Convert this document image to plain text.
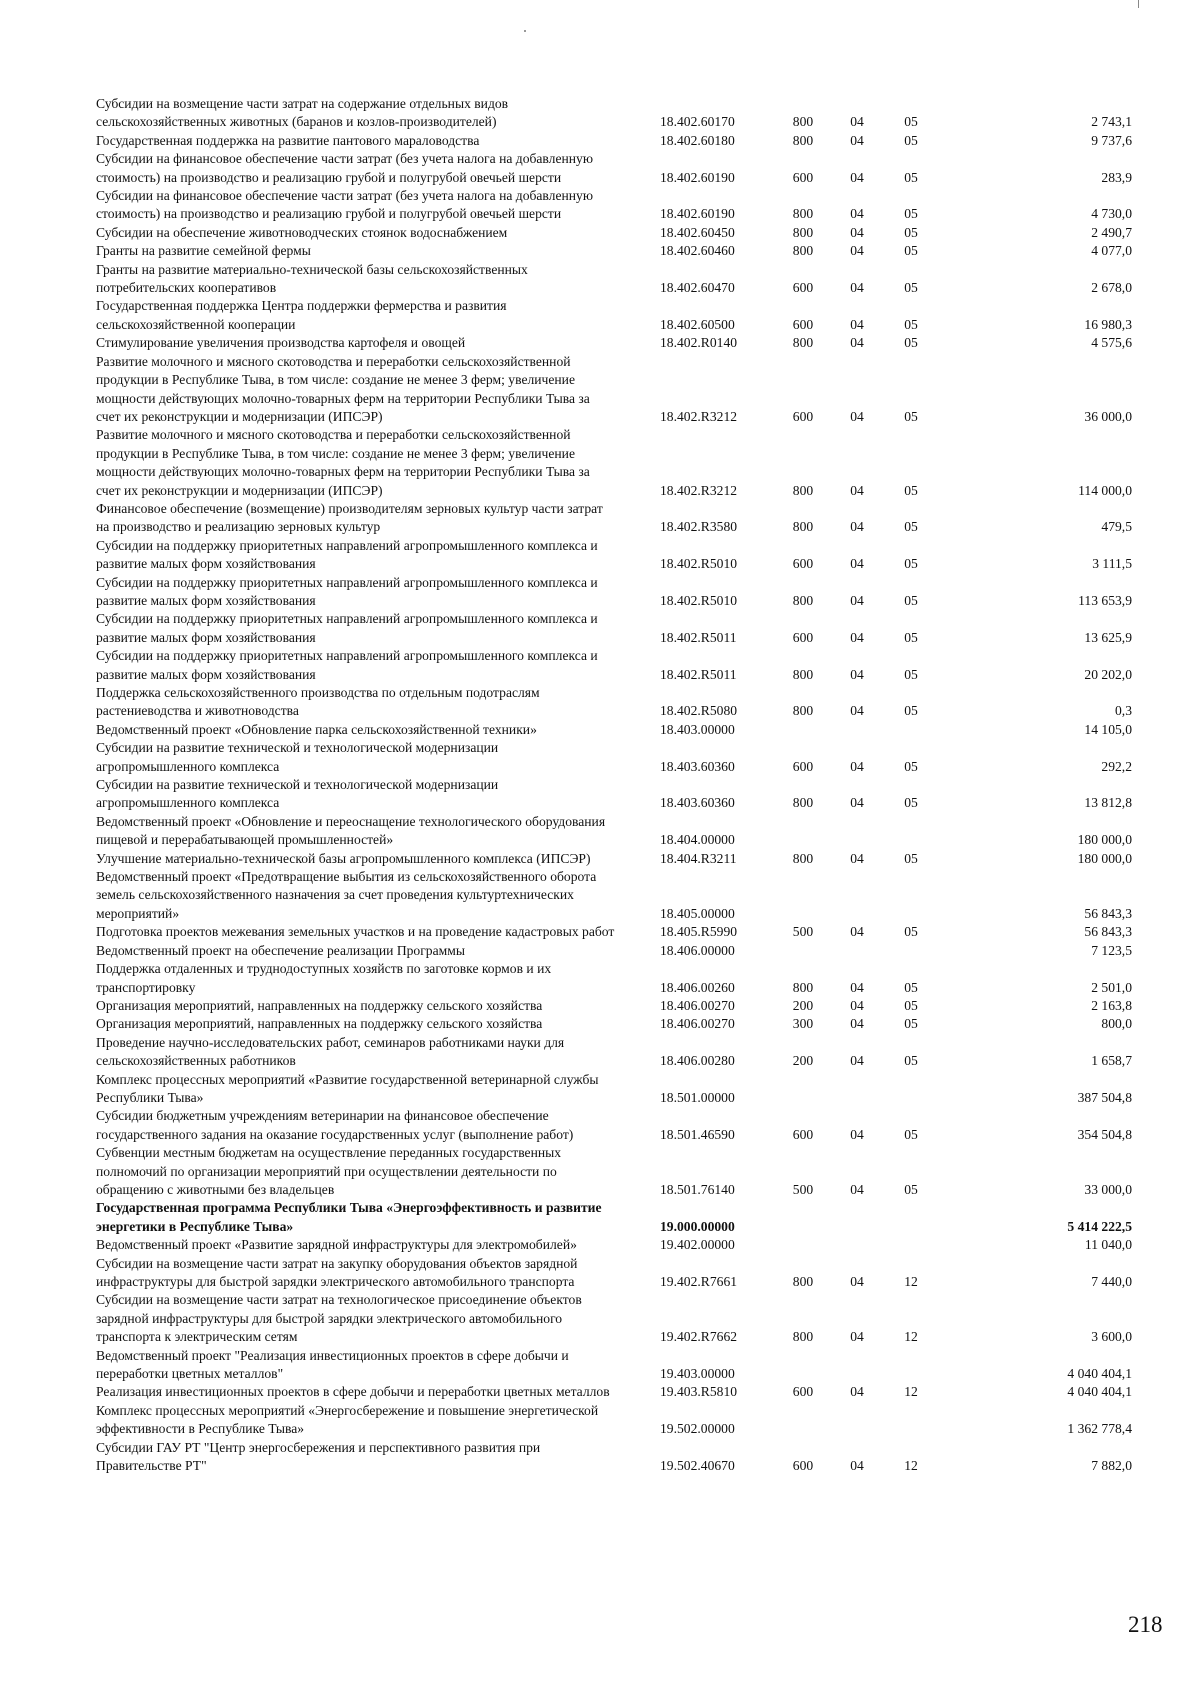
Субсидии на возмещение части затрат на содержание отдельных видов сельскохозяйственных животных (баранов и козлов-производителей)	18.402.60170	800	04	05	2 743,1
Государственная поддержка на развитие пантового мараловодства	18.402.60180	800	04	05	9 737,6
Субсидии на финансовое обеспечение части затрат (без учета налога на добавленную стоимость) на производство и реализацию грубой и полугрубой овечьей шерсти	18.402.60190	600	04	05	283,9
Субсидии на финансовое обеспечение части затрат (без учета налога на добавленную стоимость) на производство и реализацию грубой и полугрубой овечьей шерсти	18.402.60190	800	04	05	4 730,0
Субсидии на обеспечение животноводческих стоянок водоснабжением	18.402.60450	800	04	05	2 490,7
Гранты на развитие семейной фермы	18.402.60460	800	04	05	4 077,0
Гранты на развитие материально-технической базы сельскохозяйственных потребительских кооперативов	18.402.60470	600	04	05	2 678,0
Государственная поддержка Центра поддержки фермерства и развития сельскохозяйственной кооперации	18.402.60500	600	04	05	16 980,3
Стимулирование увеличения производства картофеля и овощей	18.402.R0140	800	04	05	4 575,6
Развитие молочного и мясного скотоводства и переработки сельскохозяйственной продукции в Республике Тыва, в том числе: создание не менее 3 ферм; увеличение мощности действующих молочно-товарных ферм на территории Республики Тыва за счет их реконструкции и модернизации (ИПСЭР)	18.402.R3212	600	04	05	36 000,0
Развитие молочного и мясного скотоводства и переработки сельскохозяйственной продукции в Республике Тыва, в том числе: создание не менее 3 ферм; увеличение мощности действующих молочно-товарных ферм на территории Республики Тыва за счет их реконструкции и модернизации (ИПСЭР)	18.402.R3212	800	04	05	114 000,0
Финансовое обеспечение (возмещение) производителям зерновых культур части затрат на производство и реализацию зерновых культур	18.402.R3580	800	04	05	479,5
Субсидии на поддержку приоритетных направлений агропромышленного комплекса и развитие малых форм хозяйствования	18.402.R5010	600	04	05	3 111,5
Субсидии на поддержку приоритетных направлений агропромышленного комплекса и развитие малых форм хозяйствования	18.402.R5010	800	04	05	113 653,9
Субсидии на поддержку приоритетных направлений агропромышленного комплекса и развитие малых форм хозяйствования	18.402.R5011	600	04	05	13 625,9
Субсидии на поддержку приоритетных направлений агропромышленного комплекса и развитие малых форм хозяйствования	18.402.R5011	800	04	05	20 202,0
Поддержка сельскохозяйственного производства по отдельным подотраслям растениеводства и животноводства	18.402.R5080	800	04	05	0,3
Ведомственный проект «Обновление парка сельскохозяйственной техники»	18.403.00000				14 105,0
Субсидии на развитие технической и технологической модернизации агропромышленного комплекса	18.403.60360	600	04	05	292,2
Субсидии на развитие технической и технологической модернизации агропромышленного комплекса	18.403.60360	800	04	05	13 812,8
Ведомственный проект «Обновление и переоснащение технологического оборудования пищевой и перерабатывающей промышленностей»	18.404.00000				180 000,0
Улучшение материально-технической базы агропромышленного комплекса (ИПСЭР)	18.404.R3211	800	04	05	180 000,0
Ведомственный проект «Предотвращение выбытия из сельскохозяйственного оборота земель сельскохозяйственного назначения за счет проведения культуртехнических мероприятий»	18.405.00000				56 843,3
Подготовка проектов межевания земельных участков и на проведение кадастровых работ	18.405.R5990	500	04	05	56 843,3
Ведомственный проект на обеспечение реализации Программы	18.406.00000				7 123,5
Поддержка отдаленных и труднодоступных хозяйств по заготовке кормов и их транспортировку	18.406.00260	800	04	05	2 501,0
Организация мероприятий, направленных на поддержку сельского хозяйства	18.406.00270	200	04	05	2 163,8
Организация мероприятий, направленных на поддержку сельского хозяйства	18.406.00270	300	04	05	800,0
Проведение научно-исследовательских работ, семинаров работниками науки для сельскохозяйственных работников	18.406.00280	200	04	05	1 658,7
Комплекс процессных мероприятий «Развитие государственной ветеринарной службы Республики Тыва»	18.501.00000				387 504,8
Субсидии бюджетным учреждениям ветеринарии на финансовое обеспечение государственного задания на оказание государственных услуг (выполнение работ)	18.501.46590	600	04	05	354 504,8
Субвенции местным бюджетам на осуществление переданных государственных полномочий по организации мероприятий при осуществлении деятельности по обращению с животными без владельцев	18.501.76140	500	04	05	33 000,0
Государственная программа Республики Тыва «Энергоэффективность и развитие энергетики в Республике Тыва»	19.000.00000				5 414 222,5
Ведомственный проект «Развитие зарядной инфраструктуры для электромобилей»	19.402.00000				11 040,0
Субсидии на возмещение части затрат на закупку оборудования объектов зарядной инфраструктуры для быстрой зарядки электрического автомобильного транспорта	19.402.R7661	800	04	12	7 440,0
Субсидии на возмещение части затрат на технологическое присоединение объектов зарядной инфраструктуры для быстрой зарядки электрического автомобильного транспорта к электрическим сетям	19.402.R7662	800	04	12	3 600,0
Ведомственный проект "Реализация инвестиционных проектов в сфере добычи и переработки цветных металлов"	19.403.00000				4 040 404,1
Реализация инвестиционных проектов в сфере добычи и переработки цветных металлов	19.403.R5810	600	04	12	4 040 404,1
Комплекс процессных мероприятий «Энергосбережение и повышение энергетической эффективности в Республике Тыва»	19.502.00000				1 362 778,4
Субсидии ГАУ РТ "Центр энергосбережения и перспективного развития при Правительстве РТ"	19.502.40670	600	04	12	7 882,0
218
